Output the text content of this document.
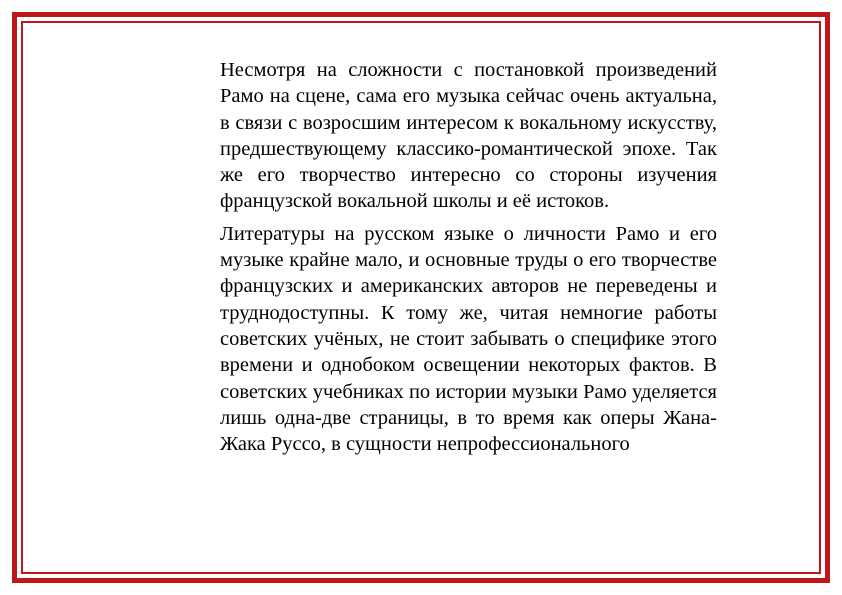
Несмотря на сложности с постановкой произведений Рамо на сцене, сама его музыка сейчас очень актуальна, в связи с возросшим интересом к вокальному искусству, предшествующему классико-романтической эпохе. Так же его творчество интересно со стороны изучения французской вокальной школы и её истоков.

Литературы на русском языке о личности Рамо и его музыке крайне мало, и основные труды о его творчестве французских и американских авторов не переведены и труднодоступны. К тому же, читая немногие работы советских учёных, не стоит забывать о специфике этого времени и однобоком освещении некоторых фактов. В советских учебниках по истории музыки Рамо уделяется лишь одна-две страницы, в то время как оперы Жана-Жака Руссо, в сущности непрофессионального
